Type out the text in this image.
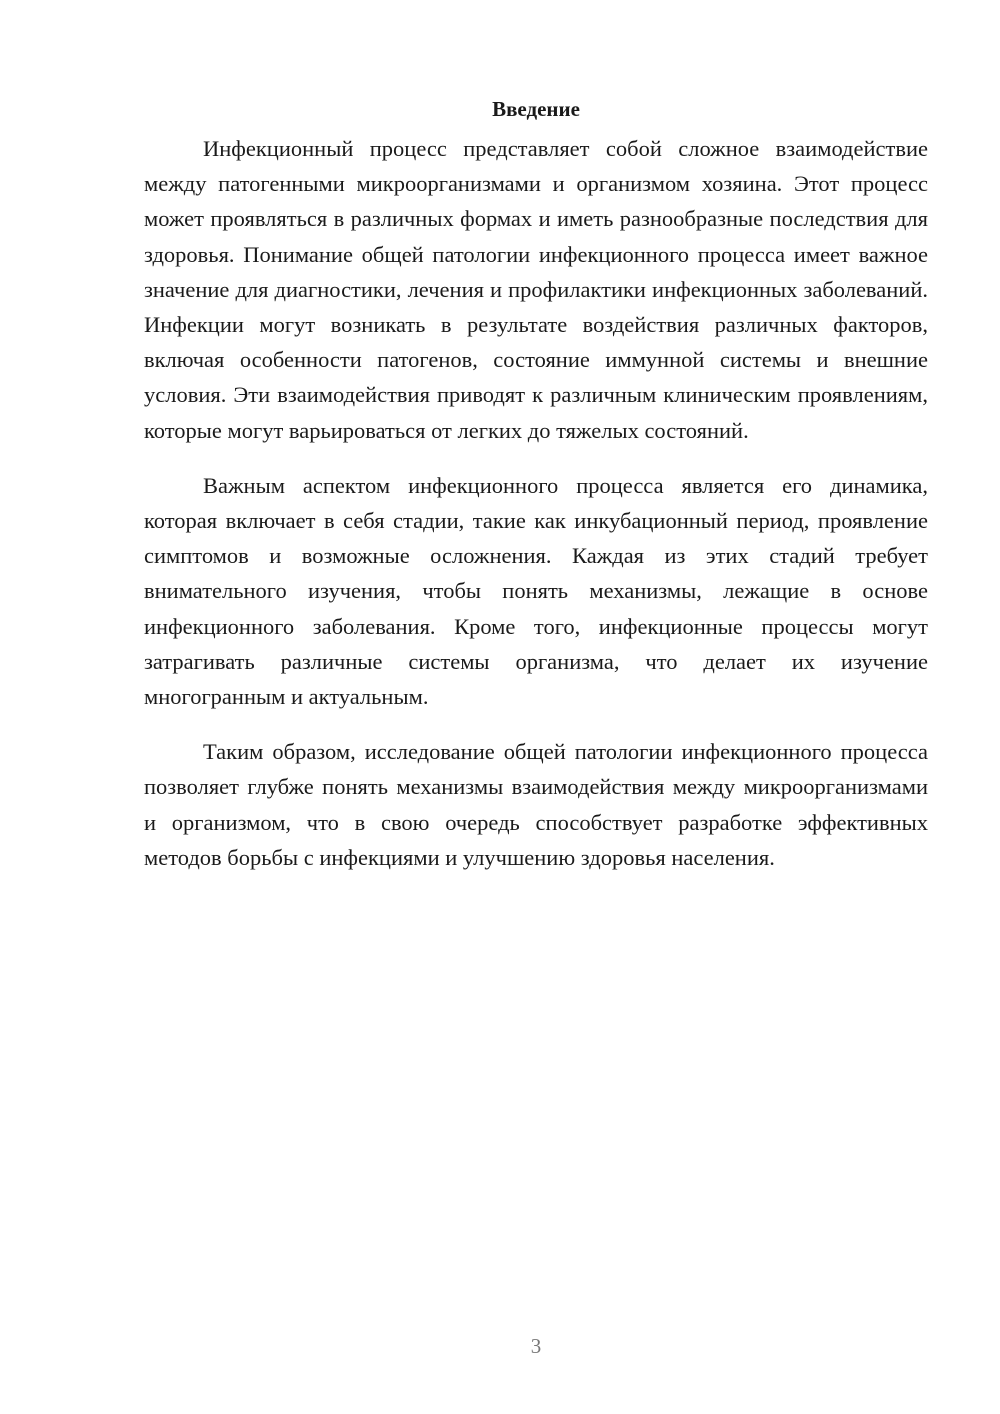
Введение

Инфекционный процесс представляет собой сложное взаимодействие между патогенными микроорганизмами и организмом хозяина. Этот процесс может проявляться в различных формах и иметь разнообразные последствия для здоровья. Понимание общей патологии инфекционного процесса имеет важное значение для диагностики, лечения и профилактики инфекционных заболеваний. Инфекции могут возникать в результате воздействия различных факторов, включая особенности патогенов, состояние иммунной системы и внешние условия. Эти взаимодействия приводят к различным клиническим проявлениям, которые могут варьироваться от легких до тяжелых состояний.

Важным аспектом инфекционного процесса является его динамика, которая включает в себя стадии, такие как инкубационный период, проявление симптомов и возможные осложнения. Каждая из этих стадий требует внимательного изучения, чтобы понять механизмы, лежащие в основе инфекционного заболевания. Кроме того, инфекционные процессы могут затрагивать различные системы организма, что делает их изучение многогранным и актуальным.

Таким образом, исследование общей патологии инфекционного процесса позволяет глубже понять механизмы взаимодействия между микроорганизмами и организмом, что в свою очередь способствует разработке эффективных методов борьбы с инфекциями и улучшению здоровья населения.

3
